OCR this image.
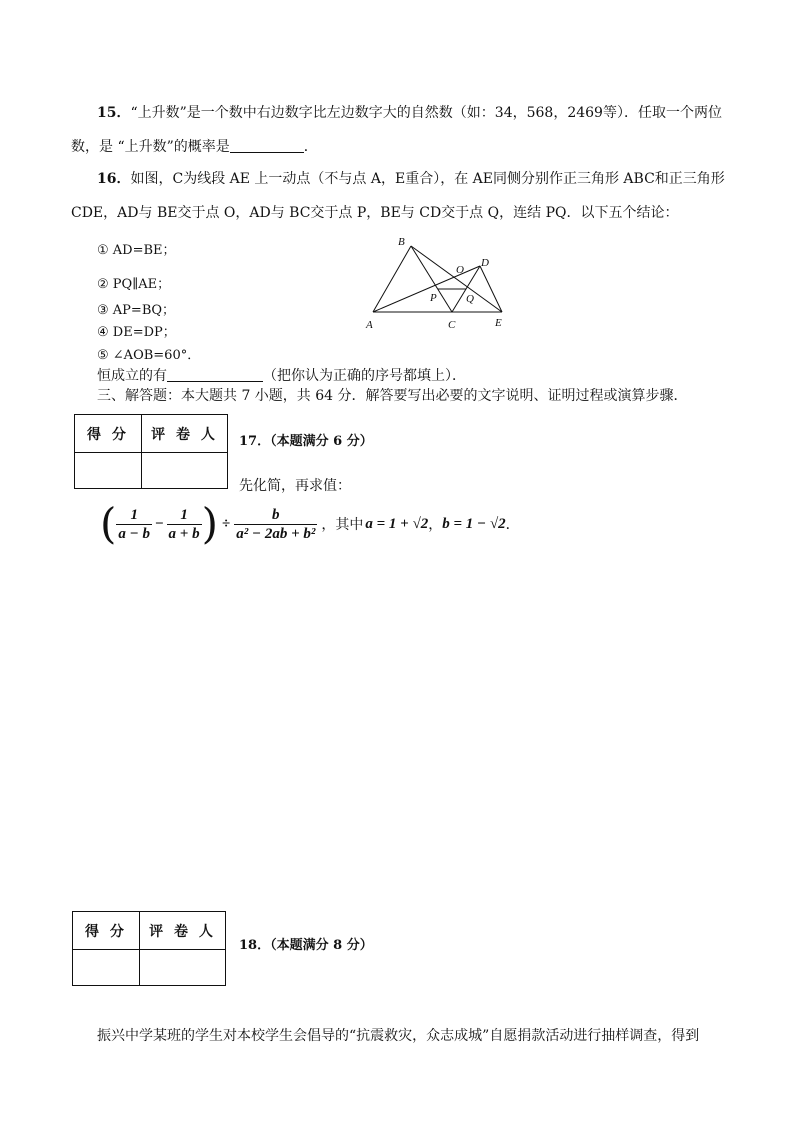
15．“上升数”是一个数中右边数字比左边数字大的自然数（如：34，568，2469等）．任取一个两位
数，是 “上升数”的概率是	．
16．如图，C为线段 AE 上一动点（不与点 A，E重合），在 AE同侧分别作正三角形 ABC和正三角形
CDE，AD与 BE交于点 O，AD与 BC交于点 P，BE与 CD交于点 Q，连结 PQ．以下五个结论：
① AD=BE；
② PQ∥AE；
③ AP=BQ；
④ DE=DP；
⑤ ∠AOB=60°．
A
B
C
D
E
O
P	Q
恒成立的有	（把你认为正确的序号都填上）．
三、解答题：本大题共 7 小题，共 64 分．解答要写出必要的文字说明、证明过程或演算步骤．
得 分	评 卷 人
	17．（本题满分 6 分）
先化简，再求值：
( $\frac{1}{a - b} - \frac{1}{a + b}$ ) ÷ $\frac{b}{\text{a² − 2ab + b²}}$ ，其中 a = 1 + √2 ， b = 1 − √2 ．
得 分	评 卷 人

18．（本题满分 8 分）
振兴中学某班的学生对本校学生会倡导的“抗震救灾，众志成城”自愿捐款活动进行抽样调查，得到
